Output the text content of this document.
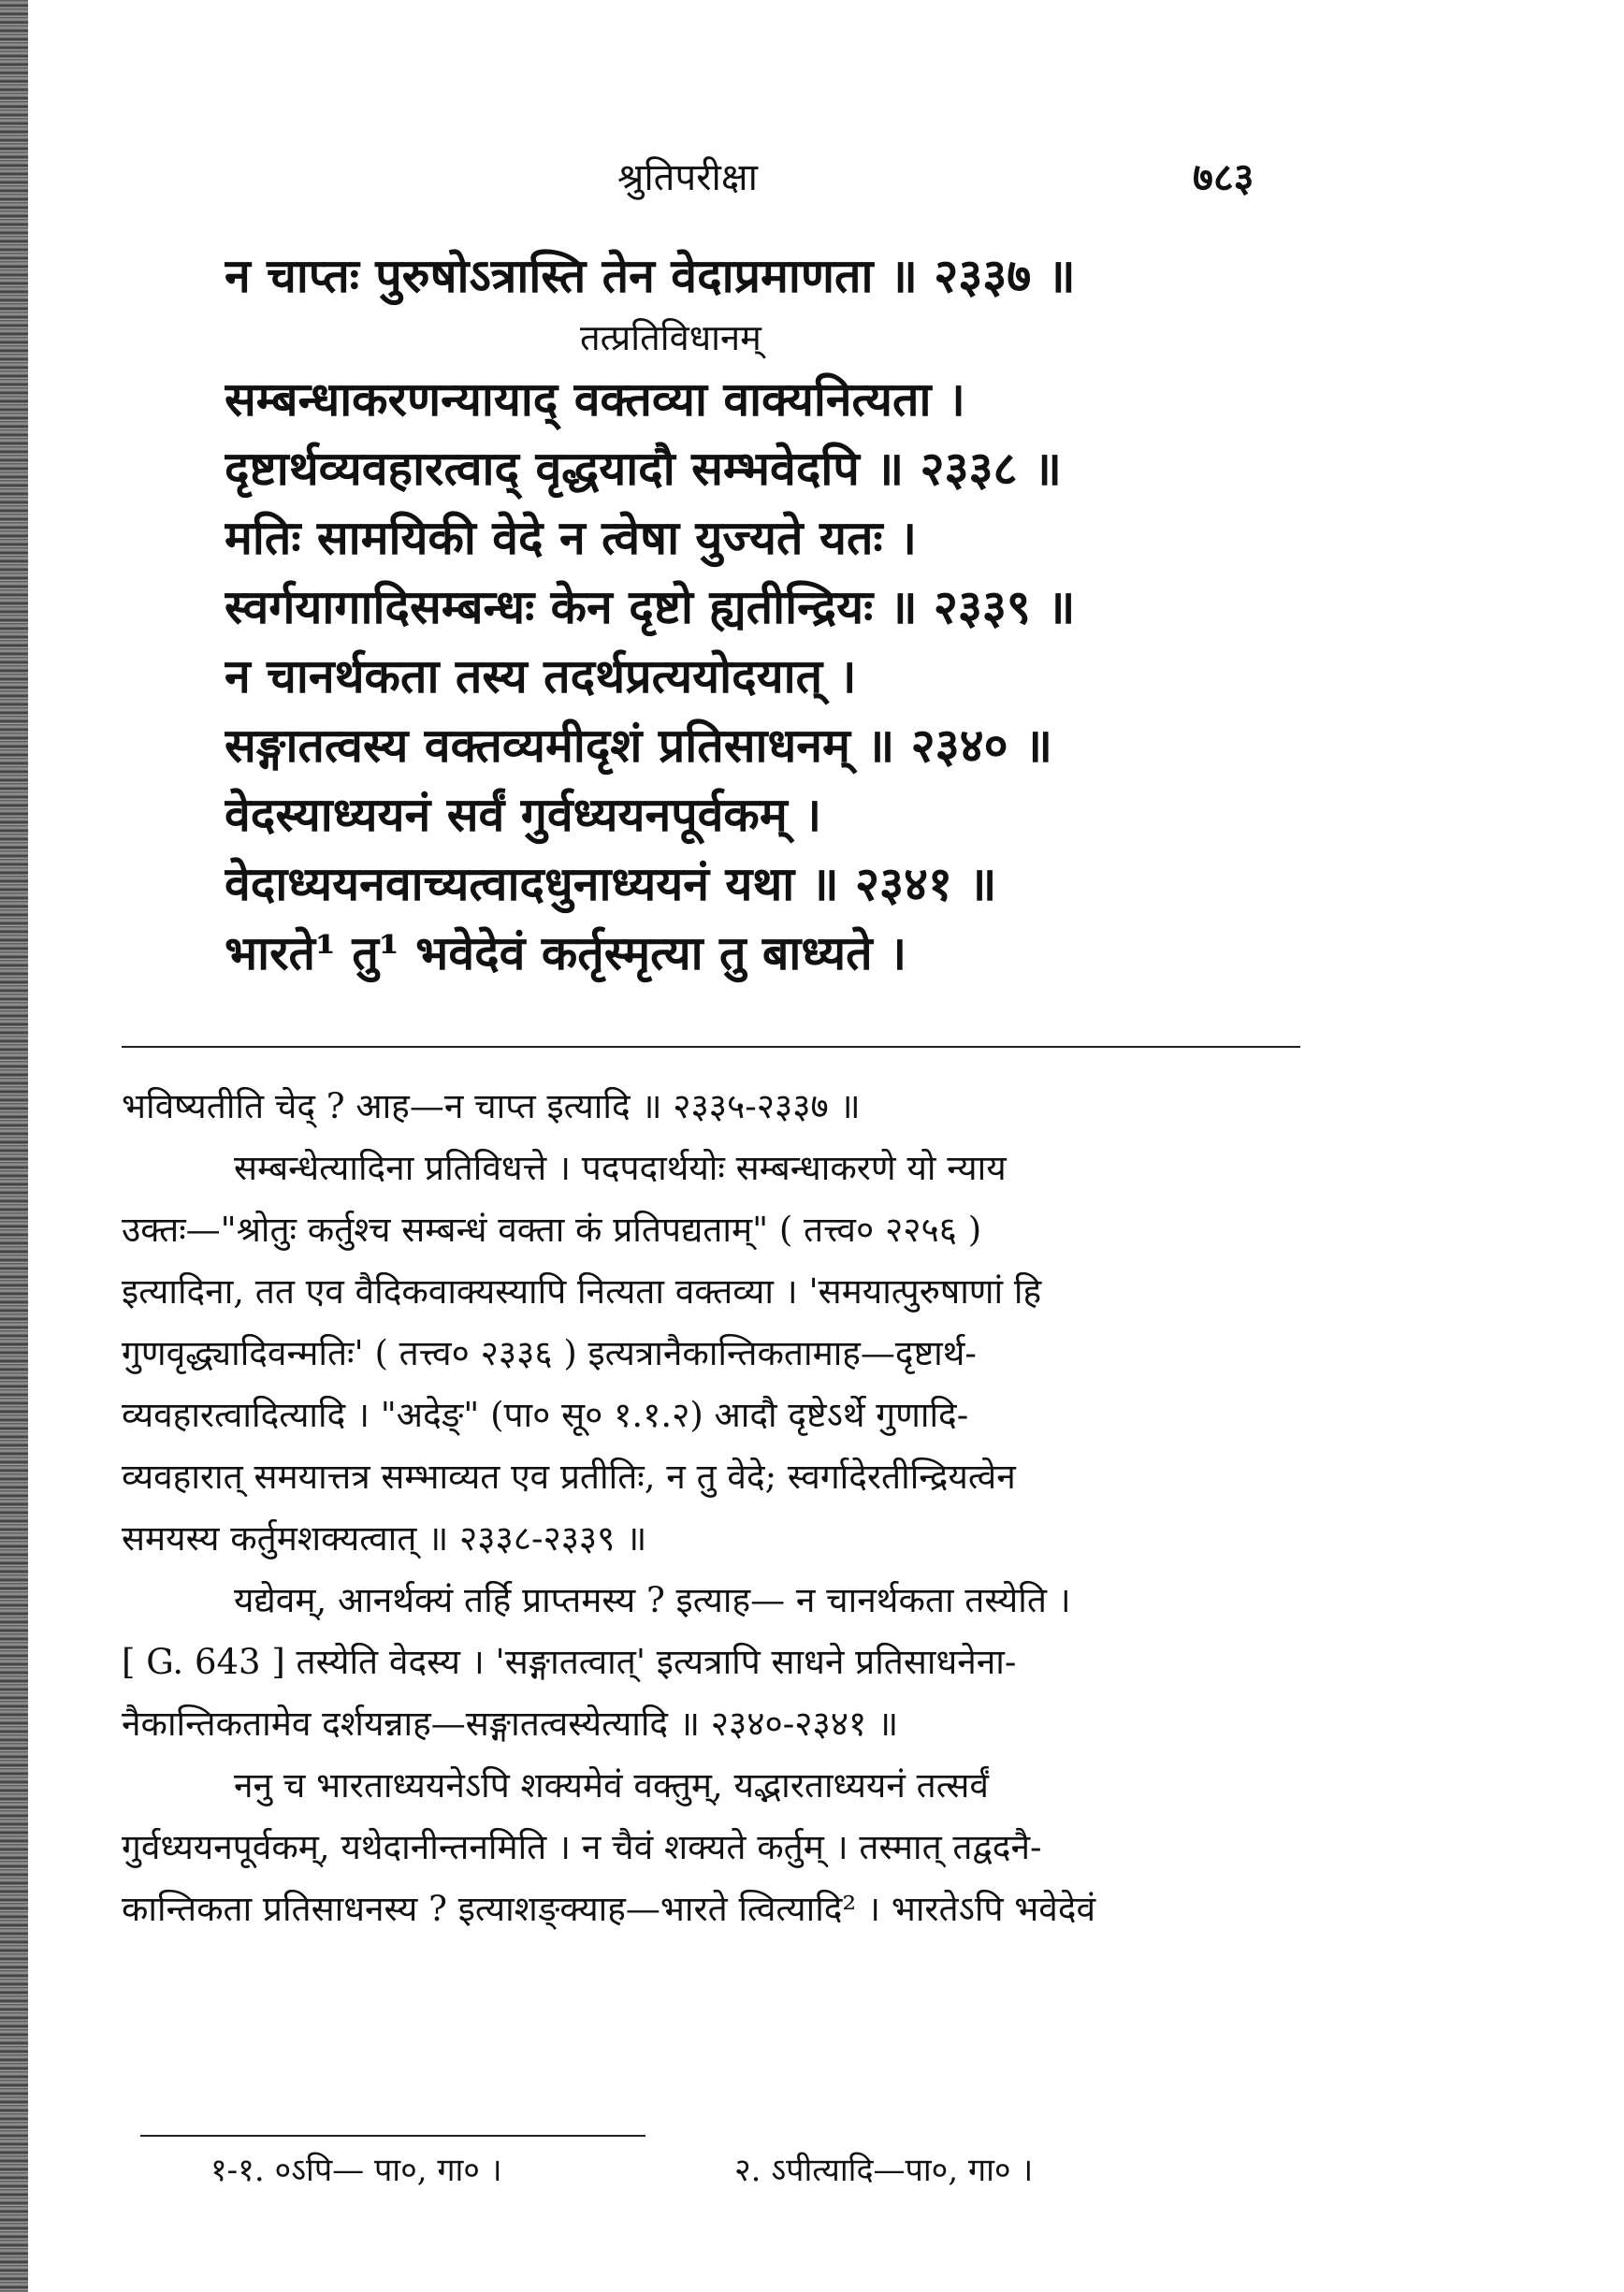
श्रुतिपरीक्षा	७८३
न चाप्तः पुरुषोऽत्रास्ति तेन वेदाप्रमाणता ॥ २३३७ ॥
तत्प्रतिविधानम्
सम्बन्धाकरणन्यायाद् वक्तव्या वाक्यनित्यता ।
दृष्टार्थव्यवहारत्वाद् वृद्धयादौ सम्भवेदपि ॥ २३३८ ॥
मतिः सामयिकी वेदे न त्वेषा युज्यते यतः ।
स्वर्गयागादिसम्बन्धः केन दृष्टो ह्यतीन्द्रियः ॥ २३३९ ॥
न चानर्थकता तस्य तदर्थप्रत्ययोदयात् ।
सङ्गातत्वस्य वक्तव्यमीदृशं प्रतिसाधनम् ॥ २३४० ॥
वेदस्याध्ययनं सर्वं गुर्वध्ययनपूर्वकम् ।
वेदाध्ययनवाच्यत्वादधुनाध्ययनं यथा ॥ २३४१ ॥
भारते¹ तु¹ भवेदेवं कर्तृस्मृत्या तु बाध्यते ।
भविष्यतीति चेद् ? आह—न चाप्त इत्यादि ॥ २३३५-२३३७ ॥
सम्बन्धेत्यादिना प्रतिविधत्ते । पदपदार्थयोः सम्बन्धाकरणे यो न्याय
उक्तः—"श्रोतुः कर्तुश्च सम्बन्धं वक्ता कं प्रतिपद्यताम्" ( तत्त्व० २२५६ )
इत्यादिना, तत एव वैदिकवाक्यस्यापि नित्यता वक्तव्या । 'समयात्पुरुषाणां हि
गुणवृद्ध्यादिवन्मतिः' ( तत्त्व० २३३६ ) इत्यत्रानैकान्तिकतामाह—दृष्टार्थ-
व्यवहारत्वादित्यादि । "अदेङ्" (पा० सू० १.१.२) आदौ दृष्टेऽर्थे गुणादि-
व्यवहारात् समयात्तत्र सम्भाव्यत एव प्रतीतिः, न तु वेदे; स्वर्गादेरतीन्द्रियत्वेन
समयस्य कर्तुमशक्यत्वात् ॥ २३३८-२३३९ ॥
यद्येवम्, आनर्थक्यं तर्हि प्राप्तमस्य ? इत्याह— न चानर्थकता तस्येति ।
[ G. 643 ] तस्येति वेदस्य । 'सङ्गातत्वात्' इत्यत्रापि साधने प्रतिसाधनेना-
नैकान्तिकतामेव दर्शयन्नाह—सङ्गातत्वस्येत्यादि ॥ २३४०-२३४१ ॥
ननु च भारताध्ययनेऽपि शक्यमेवं वक्तुम्, यद्भारताध्ययनं तत्सर्वं
गुर्वध्ययनपूर्वकम्, यथेदानीन्तनमिति । न चैवं शक्यते कर्तुम् । तस्मात् तद्वदनै-
कान्तिकता प्रतिसाधनस्य ? इत्याशङ्क्याह—भारते त्वित्यादि² । भारतेऽपि भवेदेवं
१-१. ०ऽपि— पा०, गा० ।	२. ऽपीत्यादि—पा०, गा० ।
